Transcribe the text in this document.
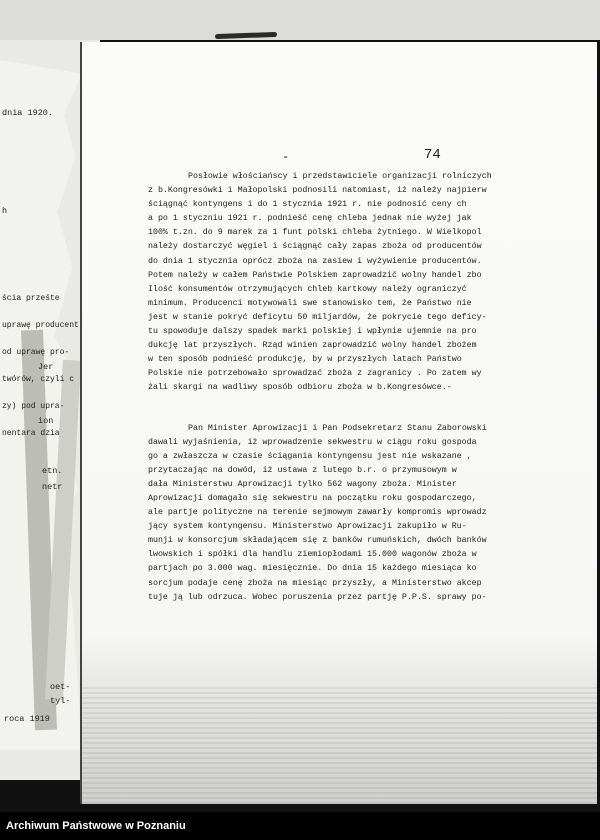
dnia 1920.
h

ścia prześte

uprawę producent

od uprawę pro-

twórów, czyli c

zy) pod upra-

nentara dzia

Jer
ion
etn.
netr
oet-
tyl-
roca 1919
-	74
Posłowie włościańscy i przedstawiciele organizacji rolniczych
z b.Kongresówki i Małopolski podnosili natomiast, iż należy najpierw
ściągnąć kontyngens i do 1 stycznia 1921 r. nie podnosić ceny ch
a po 1 styczniu 1921 r. podnieść cenę chleba jednak nie wyżej jak
100% t.zn. do 9 marek za 1 funt polski chleba żytniego. W Wielkopol
należy dostarczyć węgiel i ściągnąć cały zapas zboża od producentów
do dnia 1 stycznia oprócz zboża na zasiew i wyżywienie producentów.
Potem należy w całem Państwie Polskiem zaprowadzić wolny handel zbo
Ilość konsumentów otrzymujących chleb kartkowy należy ograniczyć
minimum. Producenci motywowali swe stanowisko tem, że Państwo nie
jest w stanie pokryć deficytu 50 miljardów, że pokrycie tego deficy-
tu spowoduje dalszy spadek marki polskiej i wpłynie ujemnie na pro
dukcję lat przyszłych. Rząd winien zaprowadzić wolny handel zbożem
w ten sposób podnieść produkcję, by w przyszłych latach Państwo
Polskie nie potrzebowało sprowadzać zboża z zagranicy . Po zatem wy
żali skargi na wadliwy sposób odbioru zboża w b.Kongresówce.-
Pan Minister Aprowizacji i Pan Podsekretarz Stanu Zaborowski
dawali wyjaśnienia, iż wprowadzenie sekwestru w ciągu roku gospoda
go a zwłaszcza w czasie ściągania kontyngensu jest nie wskazane ,
przytaczając na dowód, iż ustawa z lutego b.r. o przymusowym w
dała Ministerstwu Aprowizacji tylko 562 wagony zboża. Minister
Aprowizacji domagało się sekwestru na początku roku gospodarczego,
ale partje polityczne na terenie sejmowym zawarły kompromis wprowadz
jący system kontyngensu. Ministerstwo Aprowizacji zakupiło w Ru-
munji w konsorcjum składającem się z banków rumuńskich, dwóch banków
lwowskich i spółki dla handlu ziemiopłodami 15.000 wagonów zboża w
partjach po 3.000 wag. miesięcznie. Do dnia 15 każdego miesiąca ko
sorcjum podaje cenę zboża na miesiąc przyszły, a Ministerstwo akcep
tuje ją lub odrzuca. Wobec poruszenia przez partję P.P.S. sprawy po-
Archiwum Państwowe w Poznaniu
